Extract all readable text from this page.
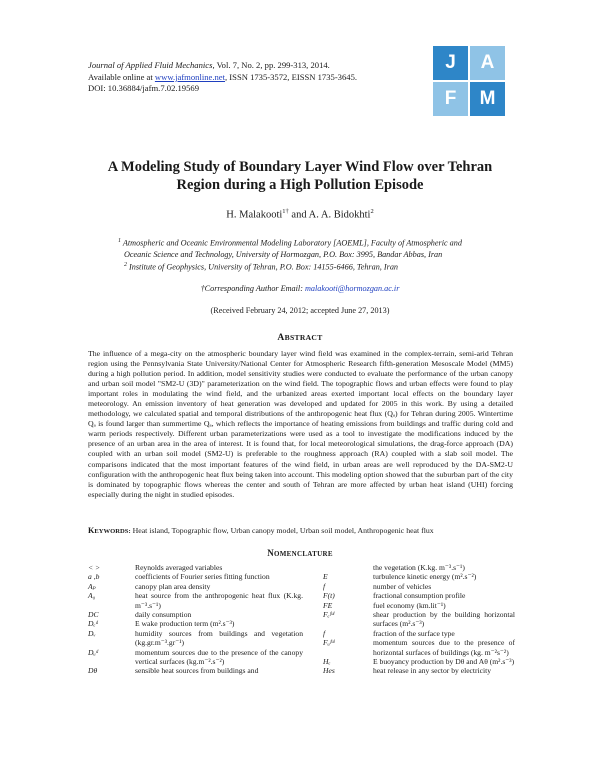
Journal of Applied Fluid Mechanics, Vol. 7, No. 2, pp. 299-313, 2014.
Available online at www.jafmonline.net, ISSN 1735-3572, EISSN 1735-3645.
DOI: 10.36884/jafm.7.02.19569
J	A
F	M
A Modeling Study of Boundary Layer Wind Flow over Tehran
Region during a High Pollution Episode
H. Malakooti$^{1\dagger}$ and A. A. Bidokhti$^2$
$^1$ Atmospheric and Oceanic Environmental Modeling Laboratory [AOEML], Faculty of Atmospheric and
Oceanic Science and Technology, University of Hormozgan, P.O. Box: 3995, Bandar Abbas, Iran
$^2$ Institute of Geophysics, University of Tehran, P.O. Box: 14155-6466, Tehran, Iran
†Corresponding Author Email: malakooti@hormozgan.ac.ir
(Received February 24, 2012; accepted June 27, 2013)
ABSTRACT
The influence of a mega-city on the atmospheric boundary layer wind field was examined in the complex-terrain, semi-arid Tehran region using the Pennsylvania State University/National Center for Atmospheric Research fifth-generation Mesoscale Model (MM5) during a high pollution period. In addition, model sensitivity studies were conducted to evaluate the performance of the urban canopy and urban soil model "SM2-U (3D)" parameterization on the wind field. The topographic flows and urban effects were found to play important roles in modulating the wind field, and the urbanized areas exerted important local effects on the boundary layer meteorology. An emission inventory of heat generation was developed and updated for 2005 in this work. By using a detailed methodology, we calculated spatial and temporal distributions of the anthropogenic heat flux (Qₐ) for Tehran during 2005. Wintertime Qₐ is found larger than summertime Qₐ, which reflects the importance of heating emissions from buildings and traffic during cold and warm periods respectively. Different urban parameterizations were used as a tool to investigate the modifications induced by the presence of an urban area in the area of interest. It is found that, for local meteorological simulations, the drag-force approach (DA) coupled with an urban soil model (SM2-U) is preferable to the roughness approach (RA) coupled with a slab soil model. The comparisons indicated that the most important features of the wind field, in urban areas are well reproduced by the DA-SM2-U configuration with the anthropogenic heat flux being taken into account. This modeling option showed that the suburban part of the city is dominated by topographic flows whereas the center and south of Tehran are more affected by urban heat island (UHI) forcing especially during the night in studied episodes.
KEYWORDS: Heat island, Topographic flow, Urban canopy model, Urban soil model, Anthropogenic heat flux
NOMENCLATURE
< >	Reynolds averaged variables
a ,b	coefficients of Fourier series fitting function
Aₚ	canopy plan area density
A₀	heat source from the anthropogenic heat flux (K.kg. m⁻³.s⁻¹)
DC	daily consumption
Dₑᵈ	E wake production term (m².s⁻³)
Dᵥ	humidity sources from buildings and vegetation (kg.gr.m⁻³.gr⁻¹)
Dᵤᵈ	momentum sources due to the presence of the canopy vertical surfaces (kg.m⁻².s⁻²)
Dθ	sensible heat sources from buildings and
the vegetation (K.kg. m⁻³.s⁻¹)
E	turbulence kinetic energy (m².s⁻²)
f	number of vehicles
F(t)	fractional consumption profile
FE	fuel economy (km.lit⁻¹)
Fₑᶠᵘˡ	shear production by the building horizontal surfaces (m².s⁻³)
f	fraction of the surface type
Fᵤᶠᵘˡ	momentum sources due to the presence of horizontal surfaces of buildings (kg. m⁻²s⁻²)
Hₑ	E buoyancy production by Dθ and Aθ (m².s⁻³)
Hes	heat release in any sector by electricity
